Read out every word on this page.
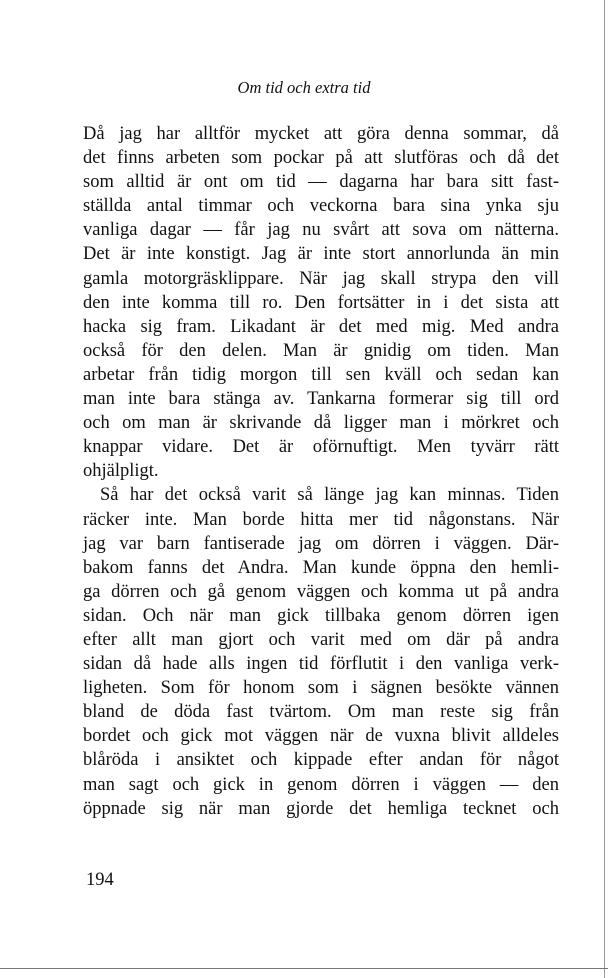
Om tid och extra tid

Då jag har alltför mycket att göra denna sommar, då
det finns arbeten som pockar på att slutföras och då det
som alltid är ont om tid — dagarna har bara sitt fast-
ställda antal timmar och veckorna bara sina ynka sju
vanliga dagar — får jag nu svårt att sova om nätterna.
Det är inte konstigt. Jag är inte stort annorlunda än min
gamla motorgräsklippare. När jag skall strypa den vill
den inte komma till ro. Den fortsätter in i det sista att
hacka sig fram. Likadant är det med mig. Med andra
också för den delen. Man är gnidig om tiden. Man
arbetar från tidig morgon till sen kväll och sedan kan
man inte bara stänga av. Tankarna formerar sig till ord
och om man är skrivande då ligger man i mörkret och
knappar vidare. Det är oförnuftigt. Men tyvärr rätt
ohjälpligt.

Så har det också varit så länge jag kan minnas. Tiden
räcker inte. Man borde hitta mer tid någonstans. När
jag var barn fantiserade jag om dörren i väggen. Där-
bakom fanns det Andra. Man kunde öppna den hemli-
ga dörren och gå genom väggen och komma ut på andra
sidan. Och när man gick tillbaka genom dörren igen
efter allt man gjort och varit med om där på andra
sidan då hade alls ingen tid förflutit i den vanliga verk-
ligheten. Som för honom som i sägnen besökte vännen
bland de döda fast tvärtom. Om man reste sig från
bordet och gick mot väggen när de vuxna blivit alldeles
blåröda i ansiktet och kippade efter andan för något
man sagt och gick in genom dörren i väggen — den
öppnade sig när man gjorde det hemliga tecknet och

194
